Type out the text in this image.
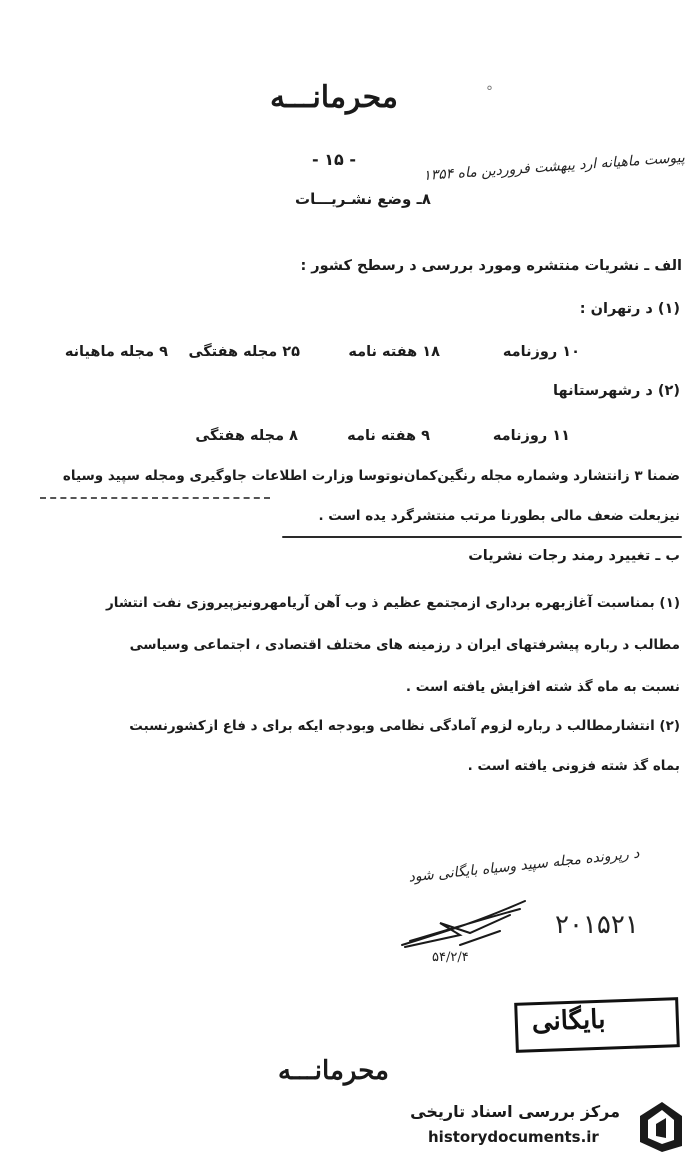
محرمانـــه	°
پیوست ماهیانه ارد یبهشت فروردین ماه ۱۳۵۴
- ۱۵ -
۸ـ وضع نشـریـــات
الف ـ نشریات منتشره ومورد بررسی د رسطح کشور :
(۱) د رتهران :
۱۰ روزنامه
۱۸ هفته نامه
۲۵ مجله هفتگی
۹ مجله ماهیانه
(۲) د رشهرستانها
۱۱ روزنامه
۹ هفته نامه
۸ مجله هفتگی
ضمنا ۳ زانتشارد وشماره مجله رنگین‌کمان‌نوتوسا وزارت اطلاعات جاوگیری ومجله سپید وسیاه
نیزبعلت ضعف مالی بطورنا مرتب منتشرگرد یده است .
ب ـ تغییرد رمند رجات نشریات
(۱) بمناسبت آغازبهره برداری ازمجتمع عظیم ذ وب آهن آریامهرونیزپیروزی نفت انتشار
مطالب د رباره پیشرفتهای ایران د رزمینه های مختلف اقتصادی ، اجتماعی وسیاسی
نسبت به ماه گذ شته افزایش یافته است .
(۲) انتشارمطالب د رباره لزوم آمادگی نظامی وبودجه ایکه برای د فاع ازکشورنسبت
بماه گذ شته فزونی یافته است .
د رپرونده مجله سپید وسیاه بایگانی شود
۲۰۱۵۲۱
۵۴/۲/۴
بایگانی
محرمانـــه
مرکز بررسی اسناد تاریخی
historydocuments.ir
